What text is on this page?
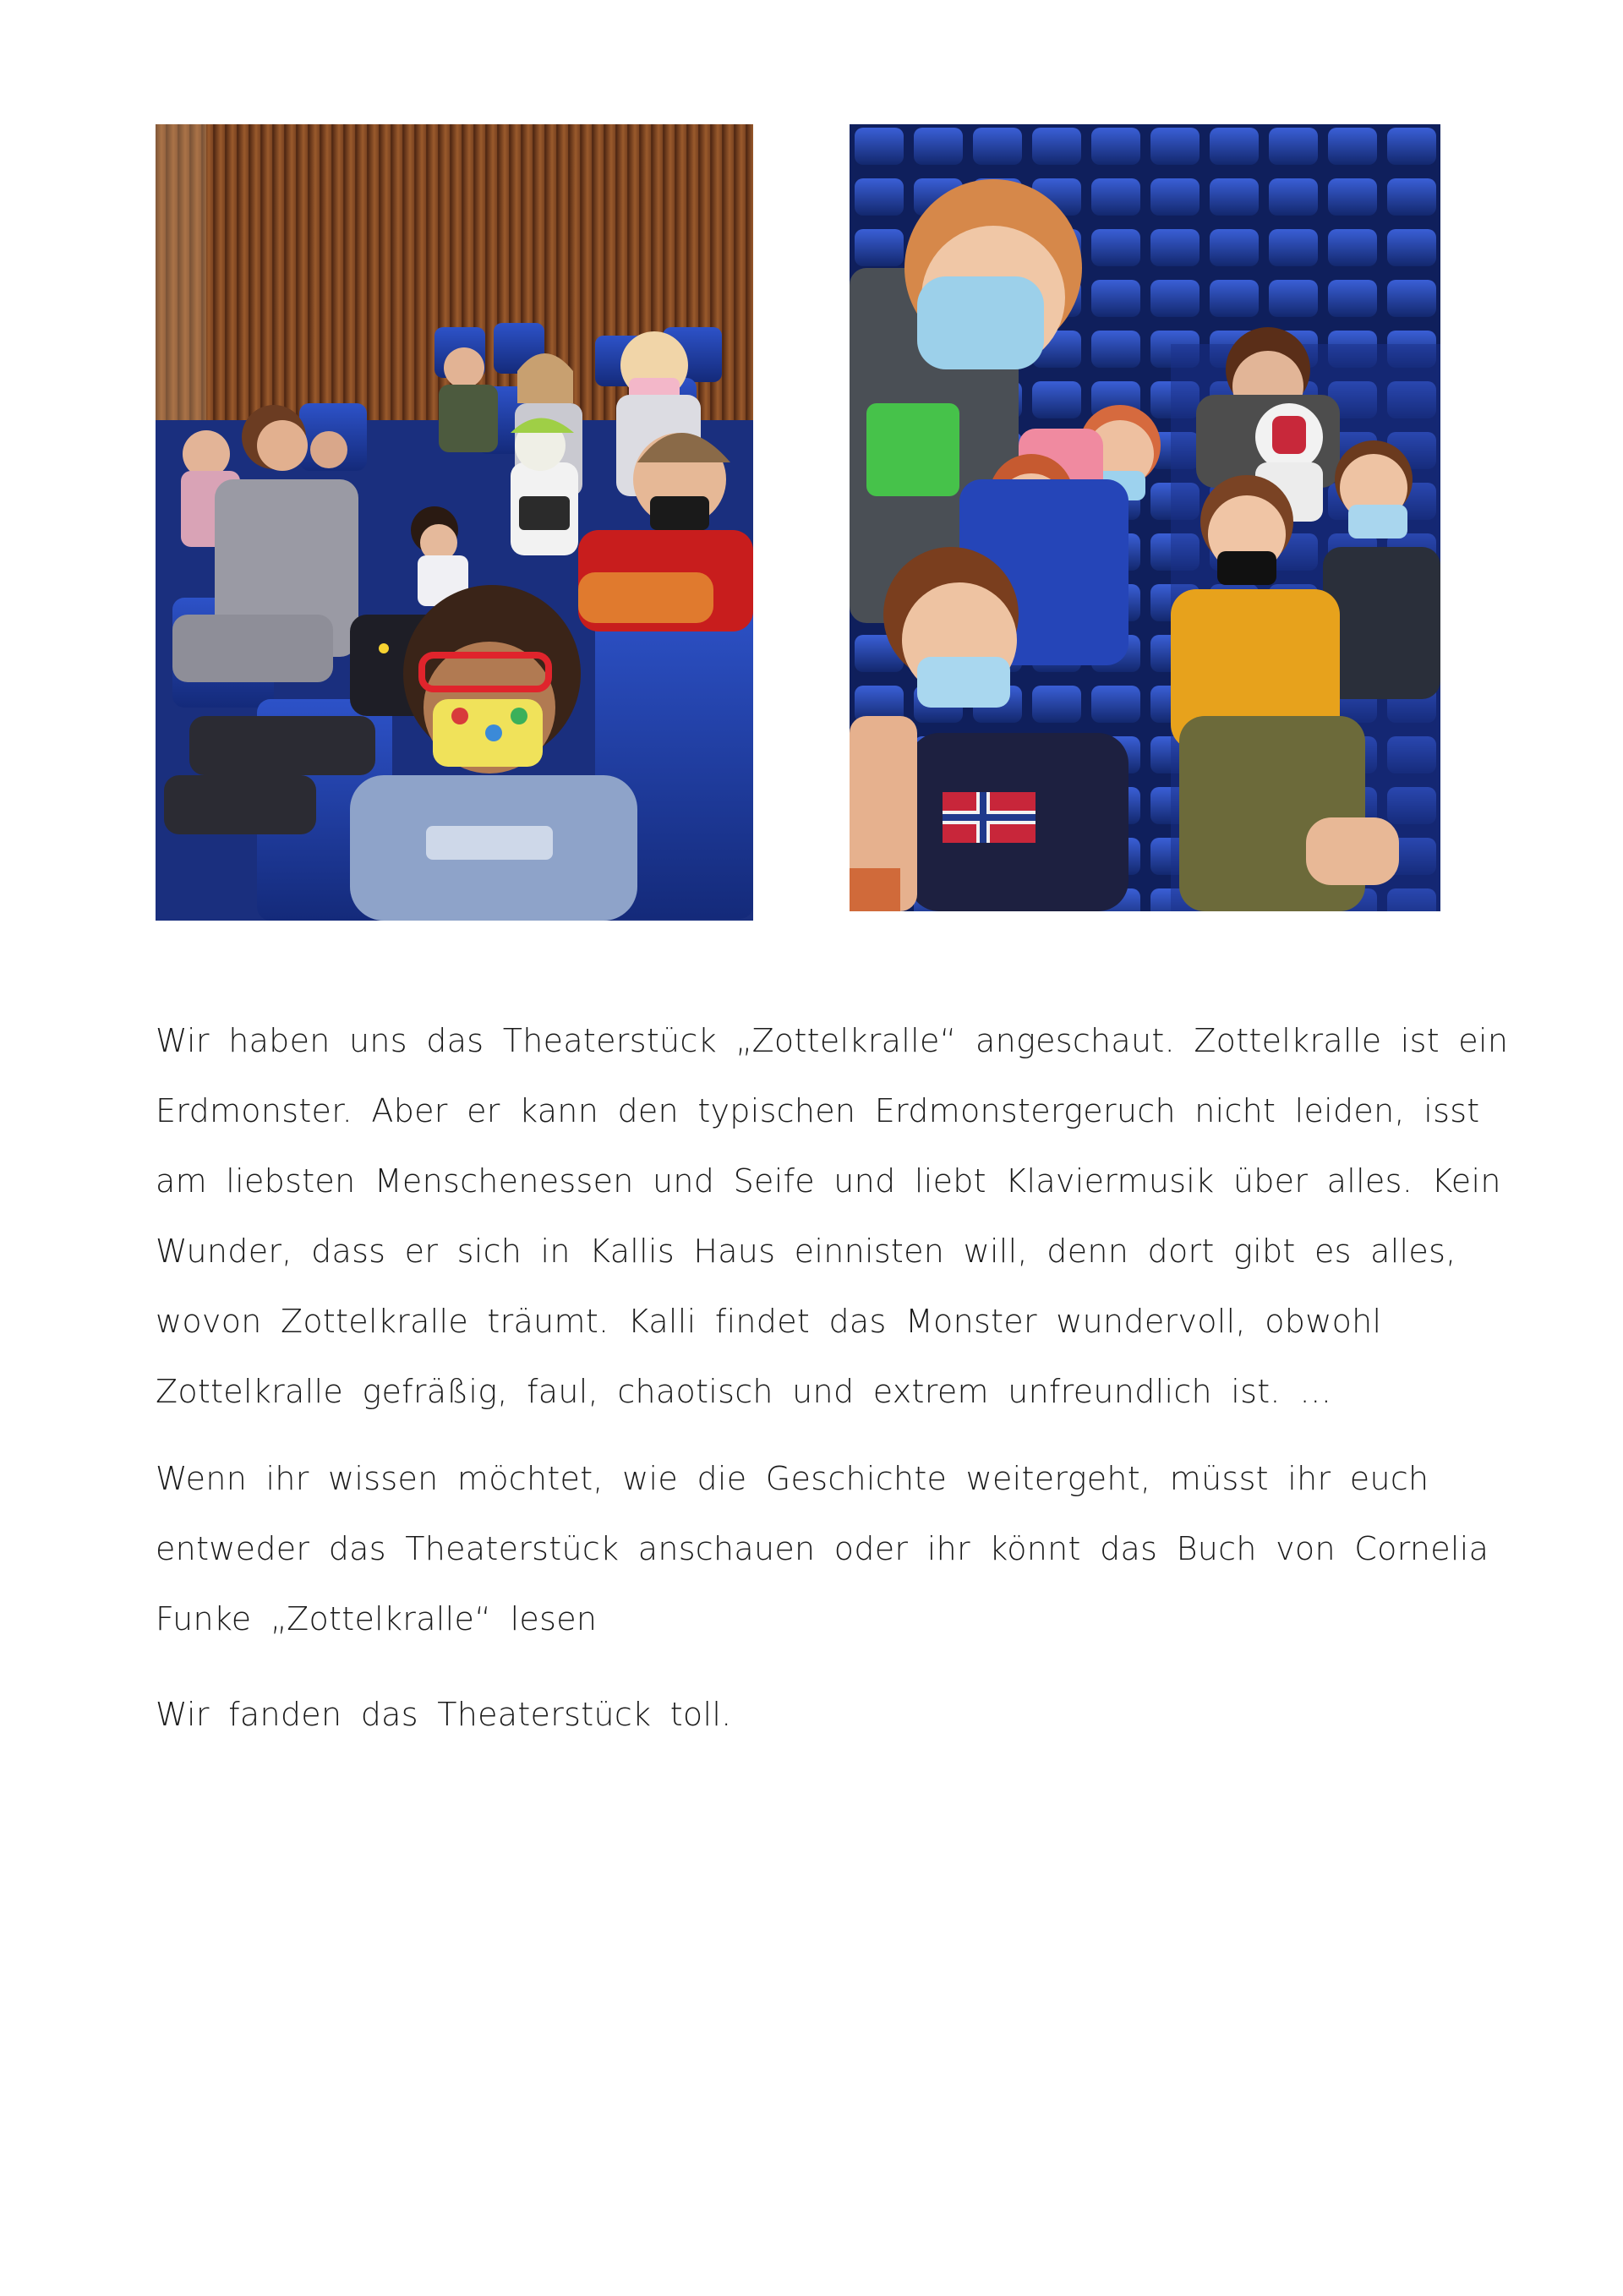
Wir haben uns das Theaterstück „Zottelkralle“ angeschaut. Zottelkralle ist ein
Erdmonster. Aber er kann den typischen Erdmonstergeruch nicht leiden, isst
am liebsten Menschenessen und Seife und liebt Klaviermusik über alles. Kein
Wunder, dass er sich in Kallis Haus einnisten will, denn dort gibt es alles,
wovon Zottelkralle träumt. Kalli findet das Monster wundervoll, obwohl
Zottelkralle gefräßig, faul, chaotisch und extrem unfreundlich ist. …
Wenn ihr wissen möchtet, wie die Geschichte weitergeht, müsst ihr euch
entweder das Theaterstück anschauen oder ihr könnt das Buch von Cornelia
Funke „Zottelkralle“ lesen
Wir fanden das Theaterstück toll.
